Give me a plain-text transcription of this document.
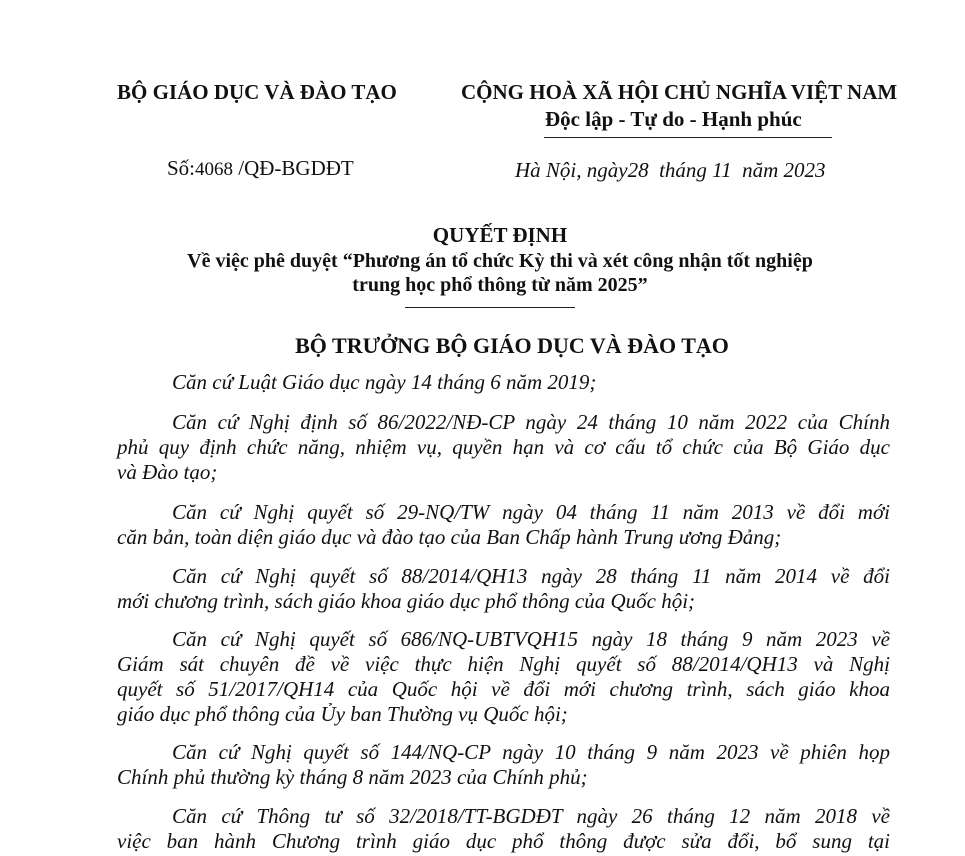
BỘ GIÁO DỤC VÀ ĐÀO TẠO	CỘNG HOÀ XÃ HỘI CHỦ NGHĨA VIỆT NAM
Độc lập - Tự do - Hạnh phúc
Số:4068 /QĐ-BGDĐT	Hà Nội, ngày28 tháng 11 năm 2023
QUYẾT ĐỊNH
Về việc phê duyệt “Phương án tổ chức Kỳ thi và xét công nhận tốt nghiệp
trung học phổ thông từ năm 2025”
BỘ TRƯỞNG BỘ GIÁO DỤC VÀ ĐÀO TẠO
Căn cứ Luật Giáo dục ngày 14 tháng 6 năm 2019;
Căn cứ Nghị định số 86/2022/NĐ-CP ngày 24 tháng 10 năm 2022 của Chính
phủ quy định chức năng, nhiệm vụ, quyền hạn và cơ cấu tổ chức của Bộ Giáo dục
và Đào tạo;
Căn cứ Nghị quyết số 29-NQ/TW ngày 04 tháng 11 năm 2013 về đổi mới
căn bản, toàn diện giáo dục và đào tạo của Ban Chấp hành Trung ương Đảng;
Căn cứ Nghị quyết số 88/2014/QH13 ngày 28 tháng 11 năm 2014 về đổi
mới chương trình, sách giáo khoa giáo dục phổ thông của Quốc hội;
Căn cứ Nghị quyết số 686/NQ-UBTVQH15 ngày 18 tháng 9 năm 2023 về
Giám sát chuyên đề về việc thực hiện Nghị quyết số 88/2014/QH13 và Nghị
quyết số 51/2017/QH14 của Quốc hội về đổi mới chương trình, sách giáo khoa
giáo dục phổ thông của Ủy ban Thường vụ Quốc hội;
Căn cứ Nghị quyết số 144/NQ-CP ngày 10 tháng 9 năm 2023 về phiên họp
Chính phủ thường kỳ tháng 8 năm 2023 của Chính phủ;
Căn cứ Thông tư số 32/2018/TT-BGDĐT ngày 26 tháng 12 năm 2018 về
việc ban hành Chương trình giáo dục phổ thông được sửa đổi, bổ sung tại
